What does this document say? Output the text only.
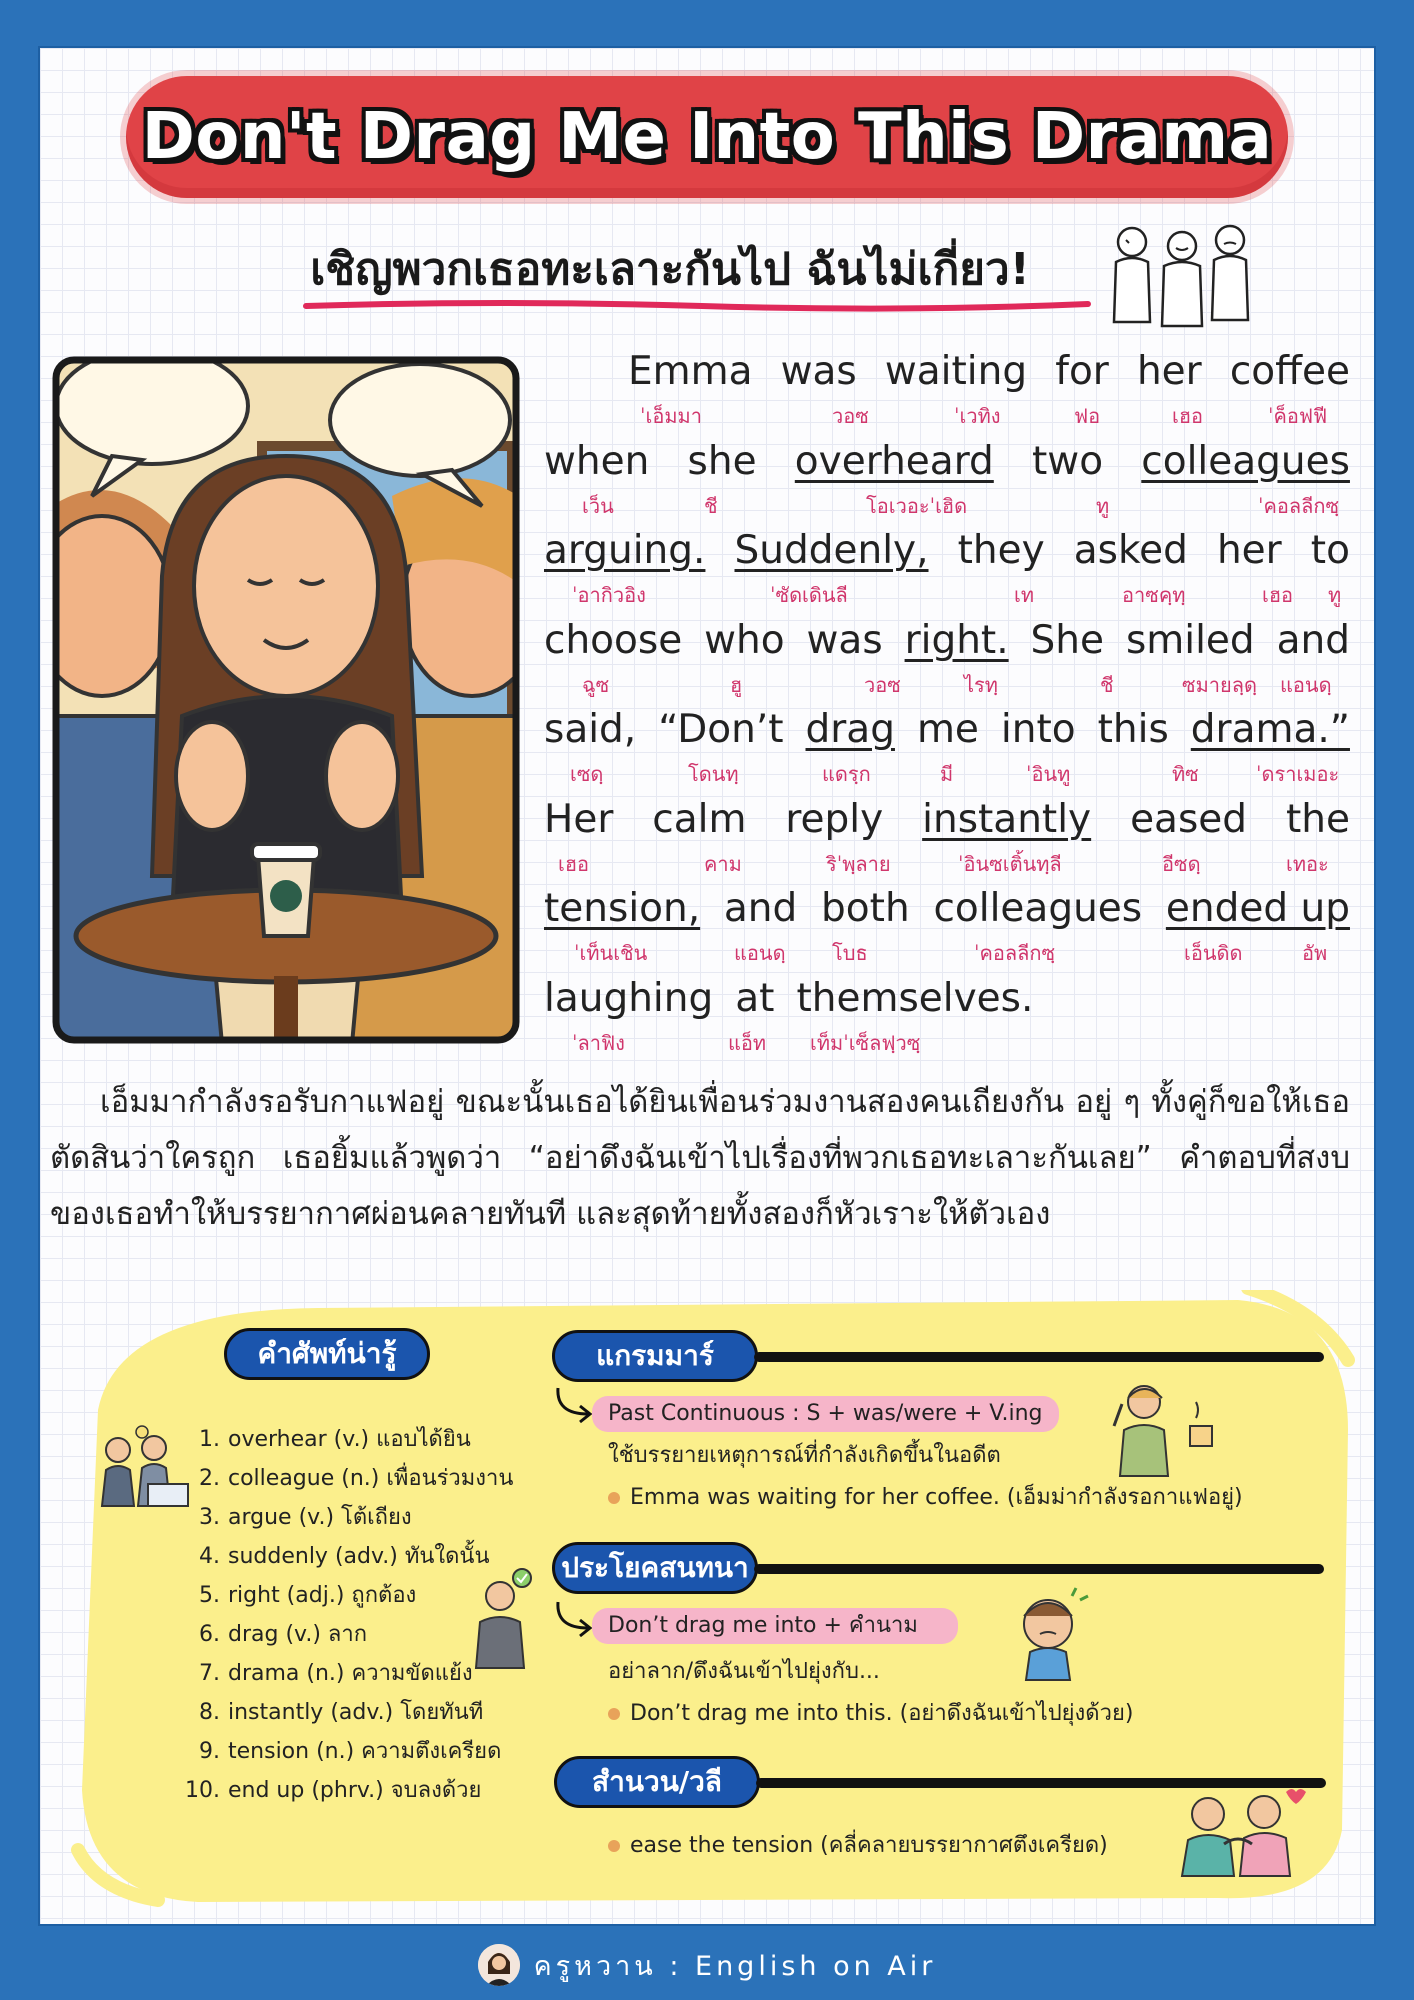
Don't Drag Me Into This Drama
เชิญพวกเธอทะเลาะกันไป ฉันไม่เกี่ยว!
Emma was waiting for her coffee
ˈเอ็มมา	วอซ	ˈเวทิง	ฟอ	เฮอ	ˈค็อฟฟี
when she overheard two colleagues
เว็น	ชี	โอเวอะˈเฮิด	ทู	ˈคอลลีกซฺ
arguing. Suddenly, they asked her to
ˈอากิวอิง	ˈซัดเดินลี	เท	อาซคฺทฺ	เฮอ ทู
choose who was right. She smiled and
ฉูซ	ฮู	วอซ	ไรทฺ	ชี	ซมายลฺดฺ แอนดฺ
said, “Don’t drag me into this drama.”
เซดฺ	โดนทฺ	แดรฺก	มี	ˈอินทู	ทิซ	ˈดราเมอะ
Her calm reply instantly eased the
เฮอ	คาม	ริˈพฺลาย	ˈอินซเติ้นทฺลี	อีซดฺ	เทอะ
tension, and both colleagues ended up
ˈเท็นเชิน	แอนดฺ โบธ	ˈคอลลีกซฺ	เอ็นดิด	อัพ
laughing at themselves.
ˈลาฟิง	แอ็ท เท็มˈเซ็ลฟฺวซฺ
เอ็มมากำลังรอรับกาแฟอยู่ ขณะนั้นเธอได้ยินเพื่อนร่วมงานสองคนเถียงกัน อยู่ ๆ ทั้งคู่ก็ขอให้เธอตัดสินว่าใครถูก เธอยิ้มแล้วพูดว่า “อย่าดึงฉันเข้าไปเรื่องที่พวกเธอทะเลาะกันเลย” คำตอบที่สงบของเธอทำให้บรรยากาศผ่อนคลายทันที และสุดท้ายทั้งสองก็หัวเราะให้ตัวเอง
คำศัพท์น่ารู้
1. overhear (v.) แอบได้ยิน
2. colleague (n.) เพื่อนร่วมงาน
3. argue (v.) โต้เถียง
4. suddenly (adv.) ทันใดนั้น
5. right (adj.) ถูกต้อง
6. drag (v.) ลาก
7. drama (n.) ความขัดแย้ง
8. instantly (adv.) โดยทันที
9. tension (n.) ความตึงเครียด
10. end up (phrv.) จบลงด้วย
แกรมมาร์
Past Continuous : S + was/were + V.ing
ใช้บรรยายเหตุการณ์ที่กำลังเกิดขึ้นในอดีต
Emma was waiting for her coffee. (เอ็มม่ากำลังรอกาแฟอยู่)
ประโยคสนทนา
Don’t drag me into + คำนาม
อย่าลาก/ดึงฉันเข้าไปยุ่งกับ...
Don’t drag me into this. (อย่าดึงฉันเข้าไปยุ่งด้วย)
สำนวน/วลี
ease the tension (คลี่คลายบรรยากาศตึงเครียด)
ครูหวาน : English on Air
